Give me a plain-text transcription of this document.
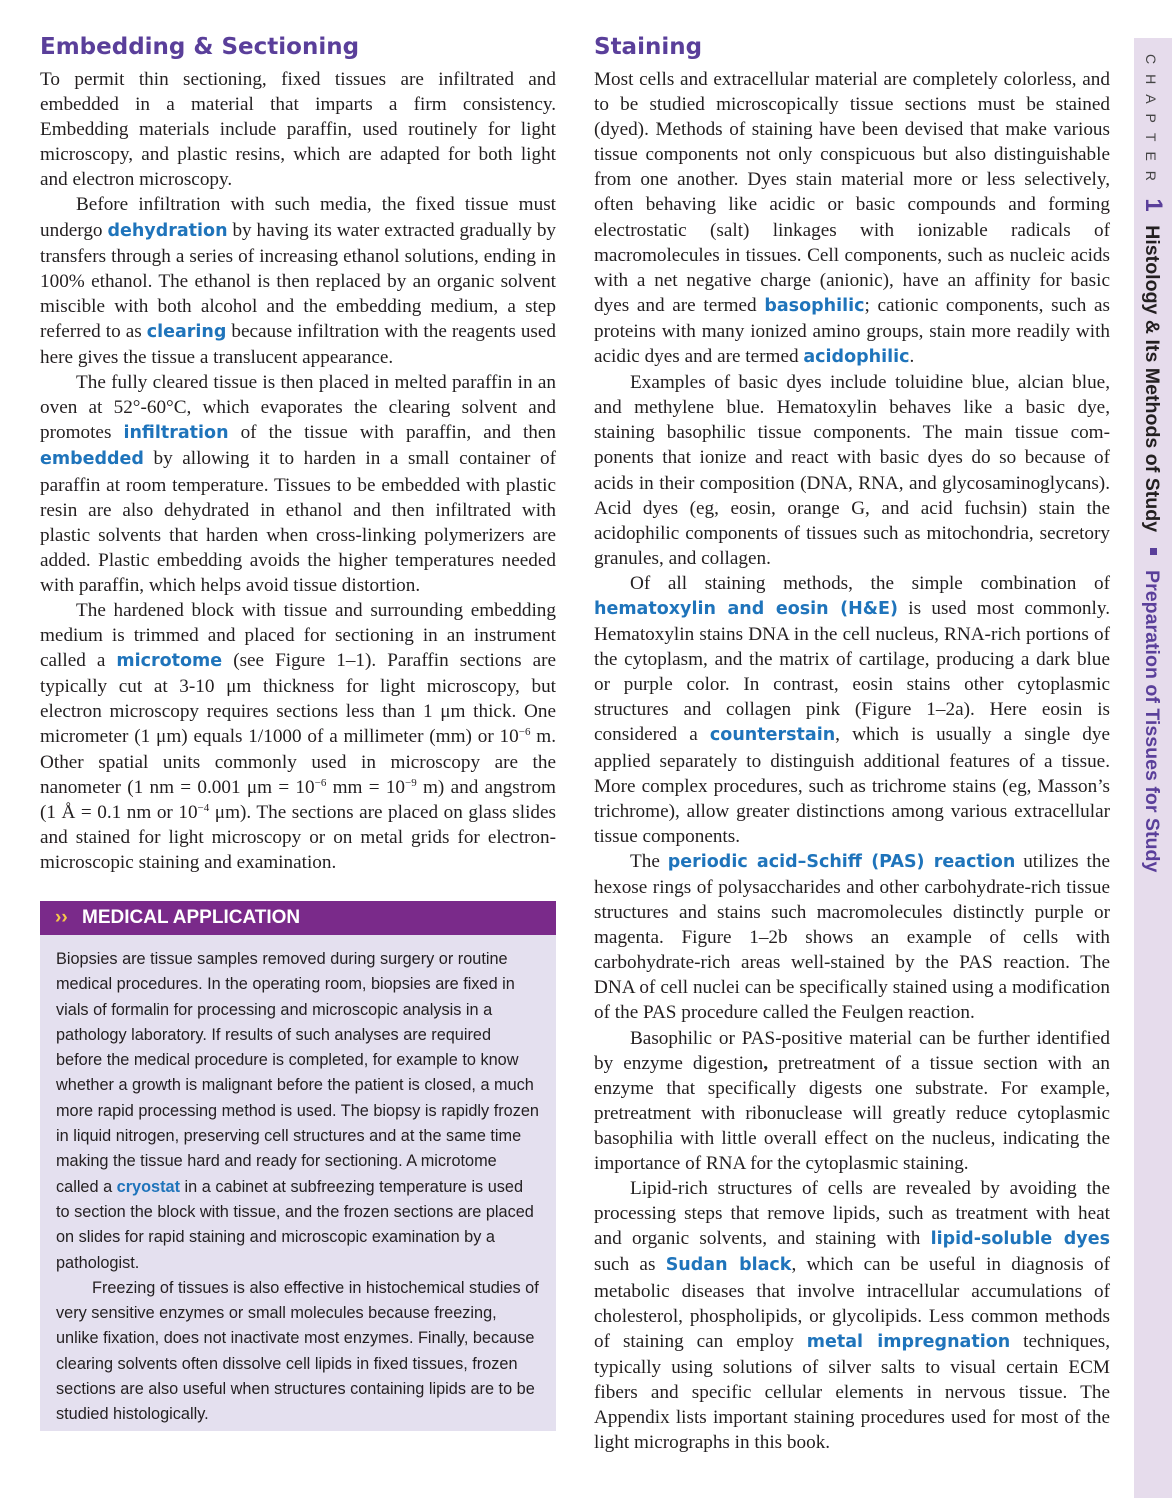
Embedding & Sectioning

To permit thin sectioning, fixed tissues are infiltrated and embedded in a material that imparts a firm consistency. Embedding materials include paraffin, used routinely for light microscopy, and plastic resins, which are adapted for both light and electron microscopy.

Before infiltration with such media, the fixed tissue must undergo dehydration by having its water extracted gradually by transfers through a series of increasing ethanol solutions, ending in 100% ethanol. The ethanol is then replaced by an organic solvent miscible with both alcohol and the embedding medium, a step referred to as clearing because infiltration with the reagents used here gives the tissue a translucent appearance.

The fully cleared tissue is then placed in melted paraffin in an oven at 52°-60°C, which evaporates the clearing solvent and promotes infiltration of the tissue with paraffin, and then embedded by allowing it to harden in a small container of paraffin at room temperature. Tissues to be embedded with plastic resin are also dehydrated in ethanol and then infiltrated with plastic solvents that harden when cross-linking polymerizers are added. Plastic embedding avoids the higher temperatures needed with paraffin, which helps avoid tissue distortion.

The hardened block with tissue and surrounding embedding medium is trimmed and placed for sectioning in an instrument called a microtome (see Figure 1–1). Paraffin sections are typically cut at 3-10 μm thickness for light microscopy, but electron microscopy requires sections less than 1 μm thick. One micrometer (1 μm) equals 1/1000 of a millimeter (mm) or $10^{-6}$ m. Other spatial units commonly used in microscopy are the nanometer (1 nm = 0.001 $\mu m = 10^{-6}$ mm = $10^{-9}$ m) and angstrom (1 Å = 0.1 nm or $10^{-4}$ μm). The sections are placed on glass slides and stained for light microscopy or on metal grids for electron-microscopic staining and examination.

›› MEDICAL APPLICATION

Biopsies are tissue samples removed during surgery or routine medical procedures. In the operating room, biopsies are fixed in vials of formalin for processing and microscopic analysis in a pathology laboratory. If results of such analyses are required before the medical procedure is completed, for example to know whether a growth is malignant before the patient is closed, a much more rapid processing method is used. The biopsy is rapidly frozen in liquid nitrogen, preserving cell structures and at the same time making the tissue hard and ready for sectioning. A microtome called a cryostat in a cabinet at subfreezing temperature is used to section the block with tissue, and the frozen sections are placed on slides for rapid staining and microscopic examination by a pathologist.

Freezing of tissues is also effective in histochemical studies of very sensitive enzymes or small molecules because freezing, unlike fixation, does not inactivate most enzymes. Finally, because clearing solvents often dissolve cell lipids in fixed tissues, frozen sections are also useful when structures containing lipids are to be studied histologically.

Staining

Most cells and extracellular material are completely colorless, and to be studied microscopically tissue sections must be stained (dyed). Methods of staining have been devised that make various tissue components not only conspicuous but also distinguishable from one another. Dyes stain material more or less selectively, often behaving like acidic or basic compounds and forming electrostatic (salt) linkages with ionizable radicals of macromolecules in tissues. Cell components, such as nucleic acids with a net negative charge (anionic), have an affinity for basic dyes and are termed basophilic; cationic components, such as proteins with many ionized amino groups, stain more readily with acidic dyes and are termed acidophilic.

Examples of basic dyes include toluidine blue, alcian blue, and methylene blue. Hematoxylin behaves like a basic dye, staining basophilic tissue components. The main tissue components that ionize and react with basic dyes do so because of acids in their composition (DNA, RNA, and glycosaminoglycans). Acid dyes (eg, eosin, orange G, and acid fuchsin) stain the acidophilic components of tissues such as mitochondria, secretory granules, and collagen.

Of all staining methods, the simple combination of hematoxylin and eosin (H&E) is used most commonly. Hematoxylin stains DNA in the cell nucleus, RNA-rich portions of the cytoplasm, and the matrix of cartilage, producing a dark blue or purple color. In contrast, eosin stains other cytoplasmic structures and collagen pink (Figure 1–2a). Here eosin is considered a counterstain, which is usually a single dye applied separately to distinguish additional features of a tissue. More complex procedures, such as trichrome stains (eg, Masson’s trichrome), allow greater distinctions among various extracellular tissue components.

The periodic acid–Schiff (PAS) reaction utilizes the hexose rings of polysaccharides and other carbohydrate-rich tissue structures and stains such macromolecules distinctly purple or magenta. Figure 1–2b shows an example of cells with carbohydrate-rich areas well-stained by the PAS reaction. The DNA of cell nuclei can be specifically stained using a modification of the PAS procedure called the Feulgen reaction.

Basophilic or PAS-positive material can be further identified by enzyme digestion, pretreatment of a tissue section with an enzyme that specifically digests one substrate. For example, pretreatment with ribonuclease will greatly reduce cytoplasmic basophilia with little overall effect on the nucleus, indicating the importance of RNA for the cytoplasmic staining.

Lipid-rich structures of cells are revealed by avoiding the processing steps that remove lipids, such as treatment with heat and organic solvents, and staining with lipid-soluble dyes such as Sudan black, which can be useful in diagnosis of metabolic diseases that involve intracellular accumulations of cholesterol, phospholipids, or glycolipids. Less common methods of staining can employ metal impregnation techniques, typically using solutions of silver salts to visual certain ECM fibers and specific cellular elements in nervous tissue. The Appendix lists important staining procedures used for most of the light micrographs in this book.

CHAPTER 1 Histology & Its Methods of Study  Preparation of Tissues for Study
